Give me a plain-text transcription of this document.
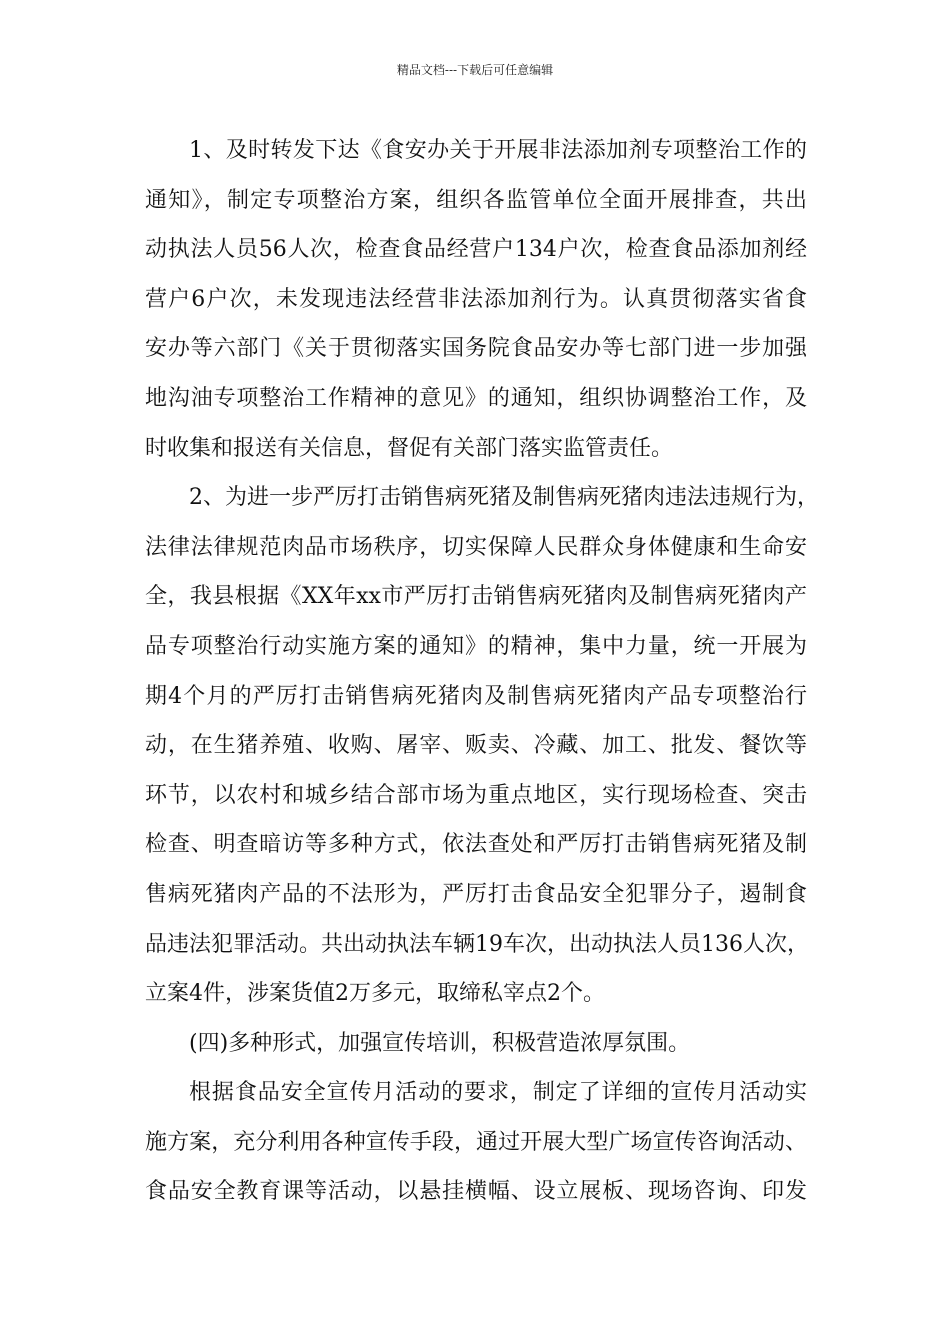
精品文档---下载后可任意编辑
1、及时转发下达《食安办关于开展非法添加剂专项整治工作的
通知》，制定专项整治方案，组织各监管单位全面开展排查，共出
动执法人员56人次，检查食品经营户134户次，检查食品添加剂经
营户6户次，未发现违法经营非法添加剂行为。认真贯彻落实省食
安办等六部门《关于贯彻落实国务院食品安办等七部门进一步加强
地沟油专项整治工作精神的意见》的通知，组织协调整治工作，及
时收集和报送有关信息，督促有关部门落实监管责任。
2、为进一步严厉打击销售病死猪及制售病死猪肉违法违规行为，
法律法律规范肉品市场秩序，切实保障人民群众身体健康和生命安
全，我县根据《XX年xx市严厉打击销售病死猪肉及制售病死猪肉产
品专项整治行动实施方案的通知》的精神，集中力量，统一开展为
期4个月的严厉打击销售病死猪肉及制售病死猪肉产品专项整治行
动，在生猪养殖、收购、屠宰、贩卖、冷藏、加工、批发、餐饮等
环节，以农村和城乡结合部市场为重点地区，实行现场检查、突击
检查、明查暗访等多种方式，依法查处和严厉打击销售病死猪及制
售病死猪肉产品的不法形为，严厉打击食品安全犯罪分子，遏制食
品违法犯罪活动。共出动执法车辆19车次，出动执法人员136人次，
立案4件，涉案货值2万多元，取缔私宰点2个。
(四)多种形式，加强宣传培训，积极营造浓厚氛围。
根据食品安全宣传月活动的要求，制定了详细的宣传月活动实
施方案，充分利用各种宣传手段，通过开展大型广场宣传咨询活动、
食品安全教育课等活动，以悬挂横幅、设立展板、现场咨询、印发
